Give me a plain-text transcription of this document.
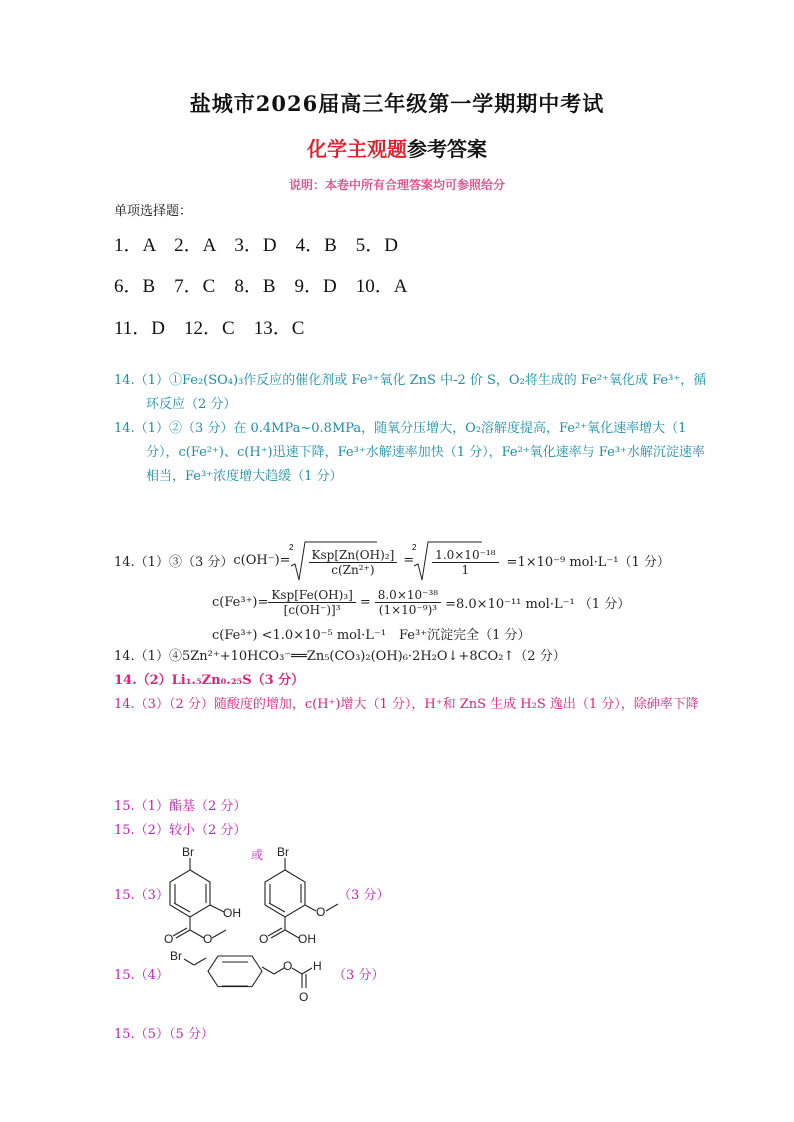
盐城市2026届高三年级第一学期期中考试
化学主观题参考答案
说明：本卷中所有合理答案均可参照给分
单项选择题：
1．A　2．A　3．D　4．B　5．D
6．B　7．C　8．B　9．D　10．A
11．D　12．C　13．C
14.（1）①Fe₂(SO₄)₃作反应的催化剂或 Fe³⁺氧化 ZnS 中-2 价 S，O₂将生成的 Fe²⁺氧化成 Fe³⁺，循环反应（2 分）
14.（1）②（3 分）在 0.4MPa~0.8MPa，随氧分压增大，O₂溶解度提高，Fe²⁺氧化速率增大（1 分），c(Fe²⁺)、c(H⁺)迅速下降，Fe³⁺水解速率加快（1 分），Fe²⁺氧化速率与 Fe³⁺水解沉淀速率相当，Fe³⁺浓度增大趋缓（1 分）
14.（1）③（3 分） c(OH⁻)=
2
$\frac{\text{Ksp[Zn(OH)₂]}}{\text{c(Zn²⁺)}}$ =
2
$\frac{\text{1.0×10⁻¹⁸}}{1} =1\times 10^{-9}$ mol·L⁻¹（1 分）
$c(Fe^{3+})= \frac{\text{Ksp[Fe(OH)₃]}}{\text{[c(OH⁻)]³}} = \frac{\text{8.0×10⁻³⁸}}{\text{(1×10⁻⁹)³}} =8.0\times 10^{-11}$ mol·L⁻¹ （1 分）
c(Fe³⁺) <1.0×10⁻⁵ mol·L⁻¹　Fe³⁺沉淀完全（1 分）
14.（1）④5Zn²⁺+10HCO₃⁻══Zn₅(CO₃)₂(OH)₆·2H₂O↓+8CO₂↑（2 分）
14.（2）Li₁.₅Zn₀.₂₅S（3 分）
14.（3）（2 分）随酸度的增加，c(H⁺)增大（1 分），H⁺和 ZnS 生成 H₂S 逸出（1 分），除砷率下降
15.（1）酯基（2 分）
15.（2）较小（2 分）
15.（3）
Br
OH
O O
或 Br
O
O OH
（3 分）
15.（4）
Br
O H
O
（3 分）
15.（5）（5 分）
